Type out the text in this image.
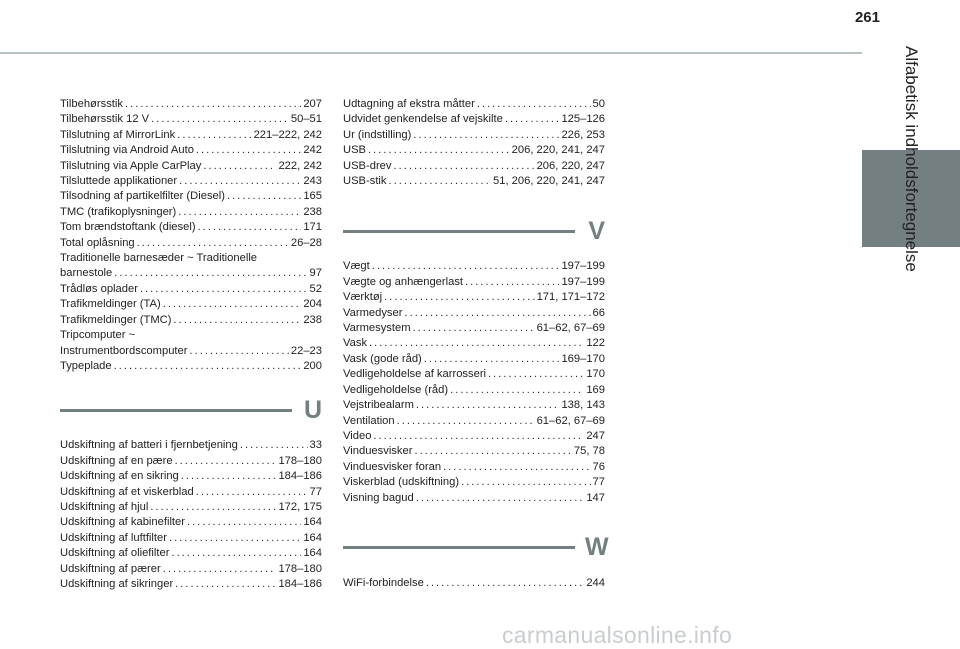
261
Alfabetisk indholdsfortegnelse
Tilbehørsstik . . .	207
Tilbehørsstik 12 V . . .	50–51
Tilslutning af MirrorLink . . .	221–222, 242
Tilslutning via Android Auto . . .	242
Tilslutning via Apple CarPlay . . .	222, 242
Tilsluttede applikationer . . .	243
Tilsodning af partikelfilter (Diesel) . . .	165
TMC (trafikoplysninger) . . .	238
Tom brændstoftank (diesel) . . .	171
Total oplåsning . . .	26–28
Traditionelle barnesæder ~ Traditionelle
barnestole . . .	97
Trådløs oplader . . .	52
Trafikmeldinger (TA) . . .	204
Trafikmeldinger (TMC) . . .	238
Tripcomputer ~
Instrumentbordscomputer . . .	22–23
Typeplade . . .	200
U
Udskiftning af batteri i fjernbetjening . . .	33
Udskiftning af en pære . . .	178–180
Udskiftning af en sikring . . .	184–186
Udskiftning af et viskerblad . . .	77
Udskiftning af hjul . . .	172, 175
Udskiftning af kabinefilter . . .	164
Udskiftning af luftfilter . . .	164
Udskiftning af oliefilter . . .	164
Udskiftning af pærer . . .	178–180
Udskiftning af sikringer . . .	184–186
Udtagning af ekstra måtter . . .	50
Udvidet genkendelse af vejskilte . . .	125–126
Ur (indstilling) . . .	226, 253
USB . . .	206, 220, 241, 247
USB-drev . . .	206, 220, 247
USB-stik . . .	51, 206, 220, 241, 247
V
Vægt . . .	197–199
Vægte og anhængerlast . . .	197–199
Værktøj . . .	171, 171–172
Varmedyser . . .	66
Varmesystem . . .	61–62, 67–69
Vask . . .	122
Vask (gode råd) . . .	169–170
Vedligeholdelse af karrosseri . . .	170
Vedligeholdelse (råd) . . .	169
Vejstribealarm . . .	138, 143
Ventilation . . .	61–62, 67–69
Video . . .	247
Vinduesvisker . . .	75, 78
Vinduesvisker foran . . .	76
Viskerblad (udskiftning) . . .	77
Visning bagud . . .	147
W
WiFi-forbindelse . . .	244
carmanualsonline.info
